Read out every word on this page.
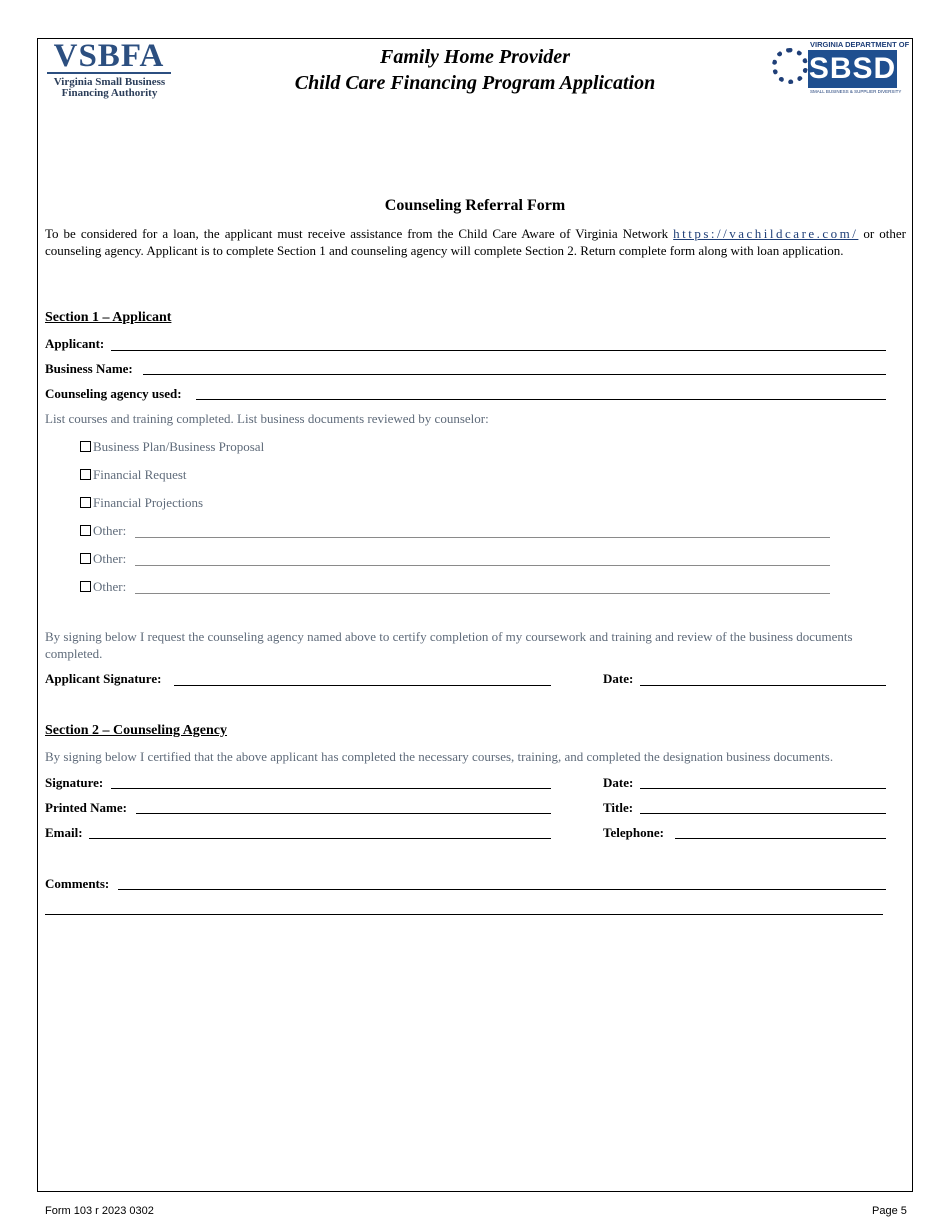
VSBFA
Virginia Small Business
Financing Authority
Family Home Provider
Child Care Financing Program Application
VIRGINIA DEPARTMENT OF
SBSD
SMALL BUSINESS & SUPPLIER DIVERSITY
Counseling Referral Form
To be considered for a loan, the applicant must receive assistance from the Child Care Aware of Virginia Network https://vachildcare.com/ or other counseling agency. Applicant is to complete Section 1 and counseling agency will complete Section 2. Return complete form along with loan application.
Section 1 – Applicant
Applicant:
Business Name:
Counseling agency used:
List courses and training completed. List business documents reviewed by counselor:
Business Plan/Business Proposal
Financial Request
Financial Projections
Other:
Other:
Other:
By signing below I request the counseling agency named above to certify completion of my coursework and training and review of the business documents completed.
Applicant Signature:	Date:
Section 2 – Counseling Agency
By signing below I certified that the above applicant has completed the necessary courses, training, and completed the designation business documents.
Signature:	Date:
Printed Name:	Title:
Email:	Telephone:
Comments:
Form 103 r 2023 0302	Page 5
